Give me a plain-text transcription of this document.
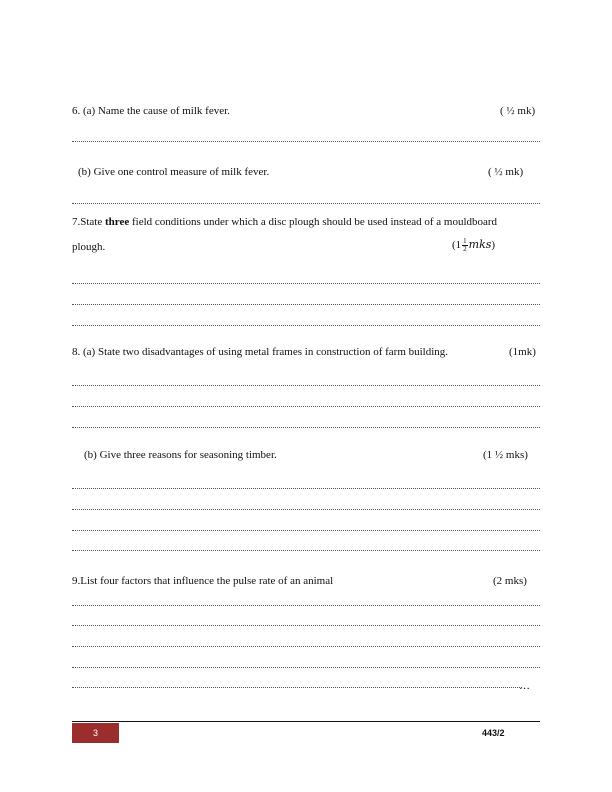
6. (a) Name the cause of milk fever.	( ½ mk)
(b) Give one control measure of milk fever.	( ½ mk)
7.State three field conditions under which a disc plough should be used instead of a mouldboard
plough.	$(1 \frac{1}{2} mks)$
8. (a) State two disadvantages of using metal frames in construction of farm building.	(1mk)
(b) Give three reasons for seasoning timber.	(1 ½ mks)
9.List four factors that influence the pulse rate of an animal	(2 mks)
…
3	443/2
